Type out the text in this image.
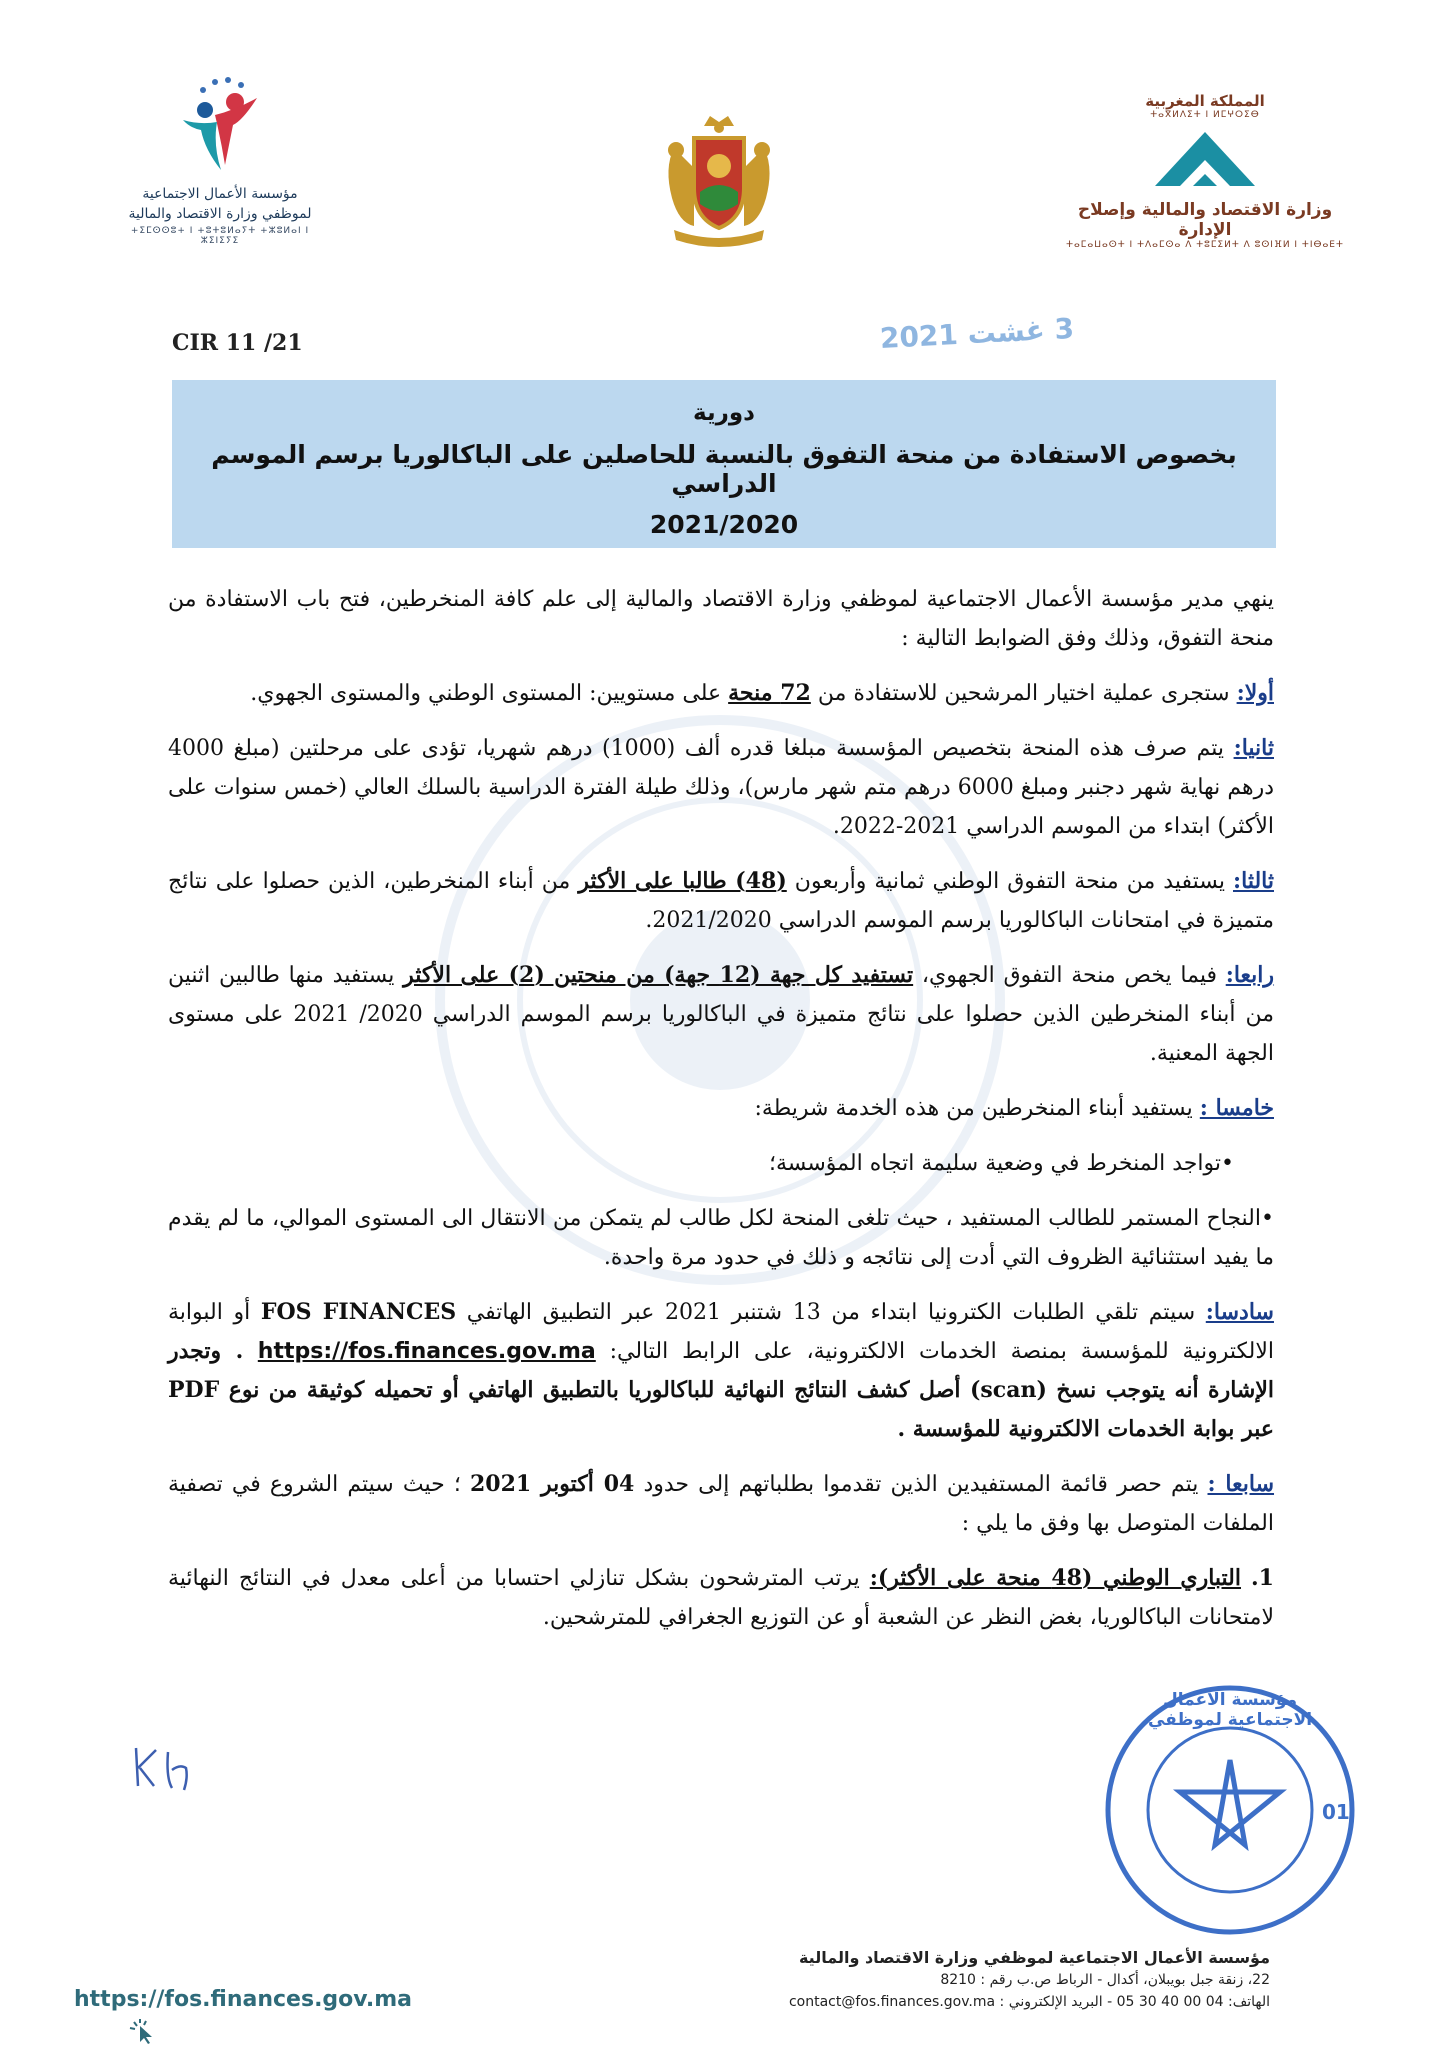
مؤسسة الأعمال الاجتماعية
لموظفي وزارة الاقتصاد والمالية
+ⵉⵎⵙⵙⵓ+ I +ⵓⵜⵓⵍⴰⵢⵜ +ⵣⵓⵍⴰⵏ I ⵣⵉⵏⵉⵢⵉ
المملكة المغربية
ⵜⴰⴳⵍⴷⵉⵜ ⵏ ⵍⵎⵖⵔⵉⴱ
وزارة الاقتصاد والمالية وإصلاح الإدارة
ⵜⴰⵎⴰⵡⴰⵙⵜ ⵏ ⵜⴷⴰⵎⵙⴰ ⴷ ⵜⵓⵎⵉⵍⵜ ⴷ ⵓⵙⵏⴼⵍ ⵏ ⵜⵏⴱⴰⴹⵜ
CIR 11 /21	3 غشت 2021
دورية
بخصوص الاستفادة من منحة التفوق بالنسبة للحاصلين على الباكالوريا برسم الموسم الدراسي
2021/2020

ينهي مدير مؤسسة الأعمال الاجتماعية لموظفي وزارة الاقتصاد والمالية إلى علم كافة المنخرطين، فتح باب الاستفادة من منحة التفوق، وذلك وفق الضوابط التالية :

أولا: ستجرى عملية اختيار المرشحين للاستفادة من 72 منحة على مستويين: المستوى الوطني والمستوى الجهوي.

ثانيا: يتم صرف هذه المنحة بتخصيص المؤسسة مبلغا قدره ألف (1000) درهم شهريا، تؤدى على مرحلتين (مبلغ 4000 درهم نهاية شهر دجنبر ومبلغ 6000 درهم متم شهر مارس)، وذلك طيلة الفترة الدراسية بالسلك العالي (خمس سنوات على الأكثر) ابتداء من الموسم الدراسي 2021-2022.

ثالثا: يستفيد من منحة التفوق الوطني ثمانية وأربعون (48) طالبا على الأكثر من أبناء المنخرطين، الذين حصلوا على نتائج متميزة في امتحانات الباكالوريا برسم الموسم الدراسي 2021/2020.

رابعا: فيما يخص منحة التفوق الجهوي، تستفيد كل جهة (12 جهة) من منحتين (2) على الأكثر يستفيد منها طالبين اثنين من أبناء المنخرطين الذين حصلوا على نتائج متميزة في الباكالوريا برسم الموسم الدراسي 2020/ 2021 على مستوى الجهة المعنية.

خامسا : يستفيد أبناء المنخرطين من هذه الخدمة شريطة:

•تواجد المنخرط في وضعية سليمة اتجاه المؤسسة؛

•النجاح المستمر للطالب المستفيد ، حيث تلغى المنحة لكل طالب لم يتمكن من الانتقال الى المستوى الموالي، ما لم يقدم ما يفيد استثنائية الظروف التي أدت إلى نتائجه و ذلك في حدود مرة واحدة.

سادسا: سيتم تلقي الطلبات الكترونيا ابتداء من 13 شتنبر 2021 عبر التطبيق الهاتفي FOS FINANCES أو البوابة الالكترونية للمؤسسة بمنصة الخدمات الالكترونية، على الرابط التالي: https://fos.finances.gov.ma . وتجدر الإشارة أنه يتوجب نسخ (scan) أصل كشف النتائج النهائية للباكالوريا بالتطبيق الهاتفي أو تحميله كوثيقة من نوع PDF عبر بوابة الخدمات الالكترونية للمؤسسة .

سابعا : يتم حصر قائمة المستفيدين الذين تقدموا بطلباتهم إلى حدود 04 أكتوبر 2021 ؛ حيث سيتم الشروع في تصفية الملفات المتوصل بها وفق ما يلي :

1. التباري الوطني (48 منحة على الأكثر): يرتب المترشحون بشكل تنازلي احتسابا من أعلى معدل في النتائج النهائية لامتحانات الباكالوريا، بغض النظر عن الشعبة أو عن التوزيع الجغرافي للمترشحين.

مؤسسة الأعمال الاجتماعية لموظفي
01
https://fos.finances.gov.ma
مؤسسة الأعمال الاجتماعية لموظفي وزارة الاقتصاد والمالية
22، زنقة جبل بويبلان، أكدال - الرباط ص.ب رقم : 8210
الهاتف: 04 00 40 30 05 - البريد الإلكتروني : contact@fos.finances.gov.ma
